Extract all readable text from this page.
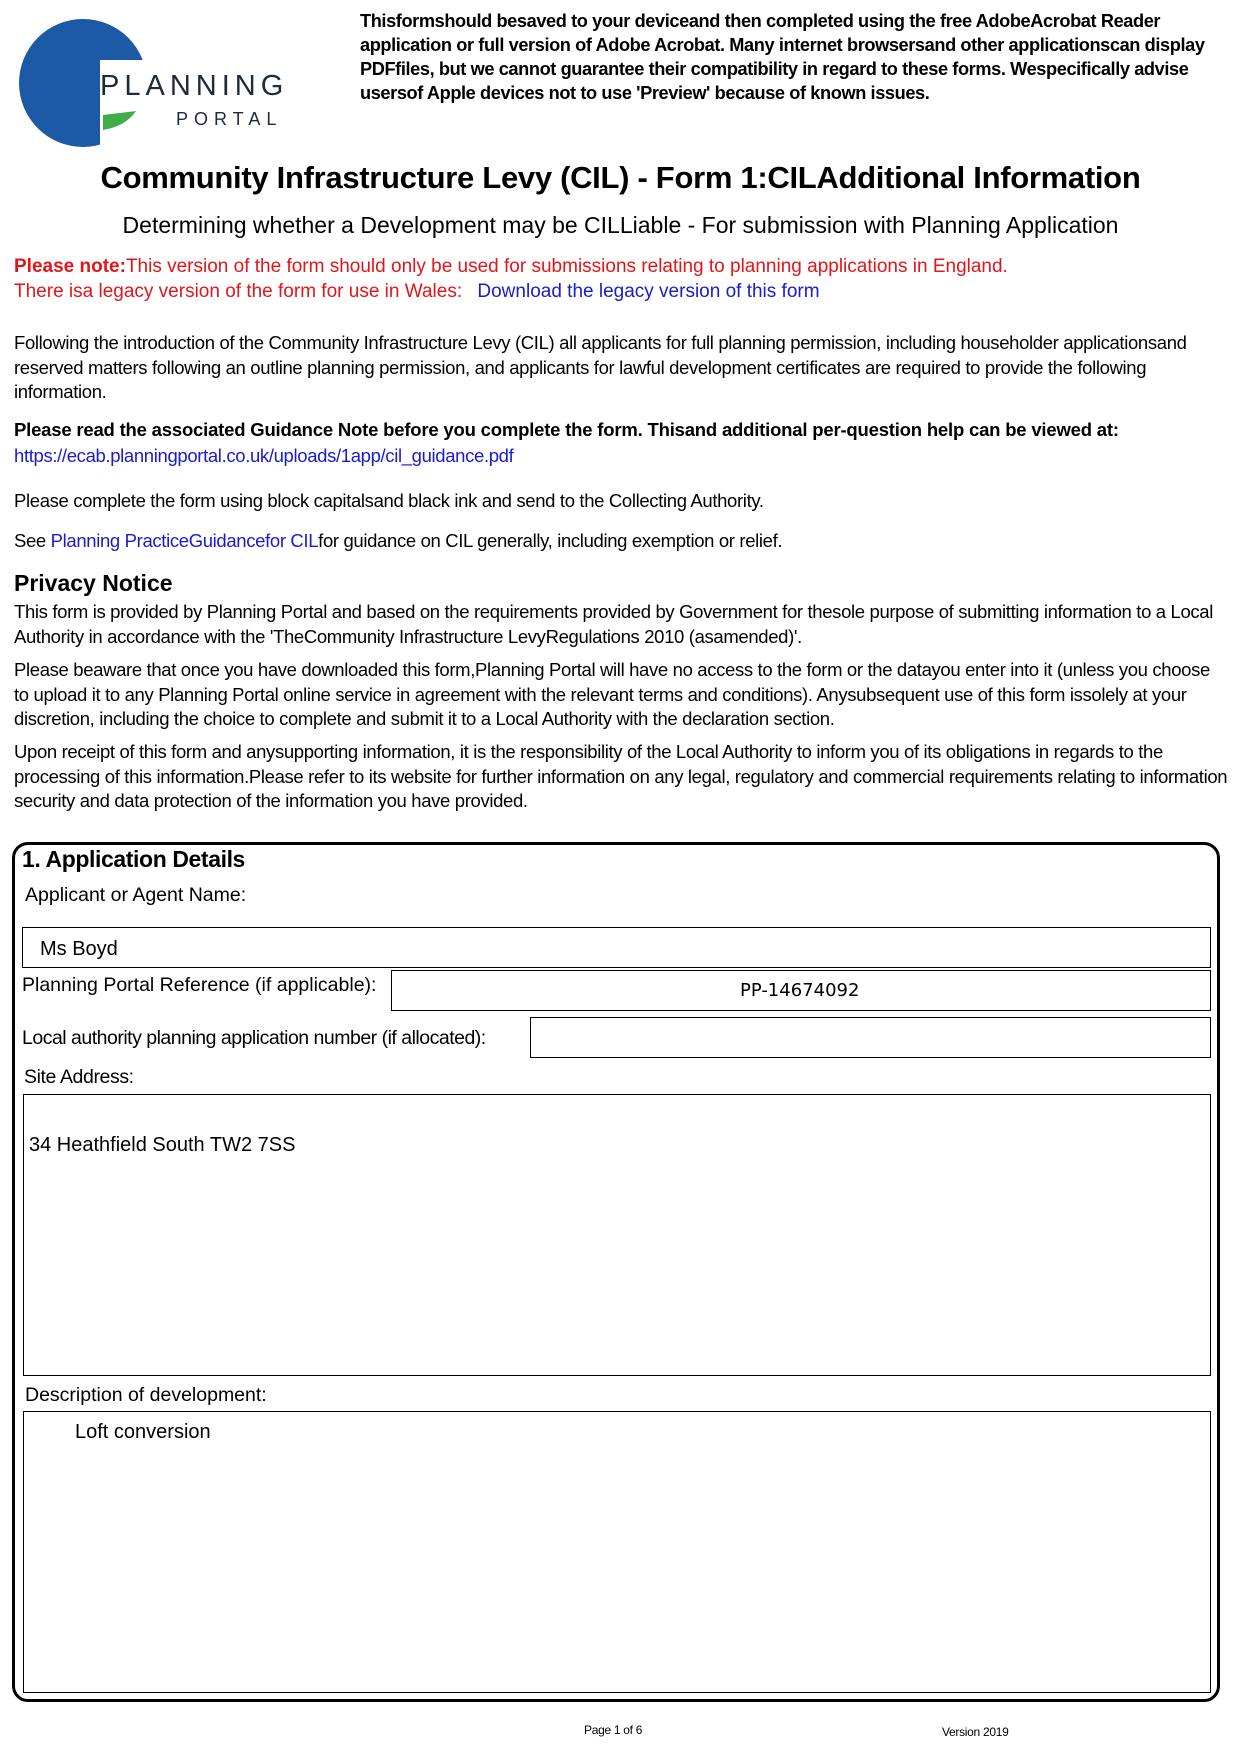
PLANNING
PORTAL
Thisformshould besaved to your deviceand then completed using the free AdobeAcrobat Reader application or full version of Adobe Acrobat. Many internet browsersand other applicationscan display PDFfiles, but we cannot guarantee their compatibility in regard to these forms. Wespecifically advise usersof Apple devices not to use 'Preview' because of known issues.
Community Infrastructure Levy (CIL) - Form 1:CILAdditional Information
Determining whether a Development may be CILLiable - For submission with Planning Application
Please note:This version of the form should only be used for submissions relating to planning applications in England.
There isa legacy version of the form for use in Wales: Download the legacy version of this form
Following the introduction of the Community Infrastructure Levy (CIL) all applicants for full planning permission, including householder applicationsand reserved matters following an outline planning permission, and applicants for lawful development certificates are required to provide the following information.
Please read the associated Guidance Note before you complete the form. Thisand additional per-question help can be viewed at:
https://ecab.planningportal.co.uk/uploads/1app/cil_guidance.pdf
Please complete the form using block capitalsand black ink and send to the Collecting Authority.
See Planning PracticeGuidancefor CILfor guidance on CIL generally, including exemption or relief.
Privacy Notice
This form is provided by Planning Portal and based on the requirements provided by Government for thesole purpose of submitting information to a Local Authority in accordance with the 'TheCommunity Infrastructure LevyRegulations 2010 (asamended)'.
Please beaware that once you have downloaded this form,Planning Portal will have no access to the form or the datayou enter into it (unless you choose to upload it to any Planning Portal online service in agreement with the relevant terms and conditions). Anysubsequent use of this form issolely at your discretion, including the choice to complete and submit it to a Local Authority with the declaration section.
Upon receipt of this form and anysupporting information, it is the responsibility of the Local Authority to inform you of its obligations in regards to the processing of this information.Please refer to its website for further information on any legal, regulatory and commercial requirements relating to information security and data protection of the information you have provided.
1. Application Details
Applicant or Agent Name:
Ms Boyd
Planning Portal Reference (if applicable):	PP-14674092
Local authority planning application number (if allocated):
Site Address:
34 Heathfield South TW2 7SS
Description of development:
Loft conversion
Page 1 of 6	Version 2019
